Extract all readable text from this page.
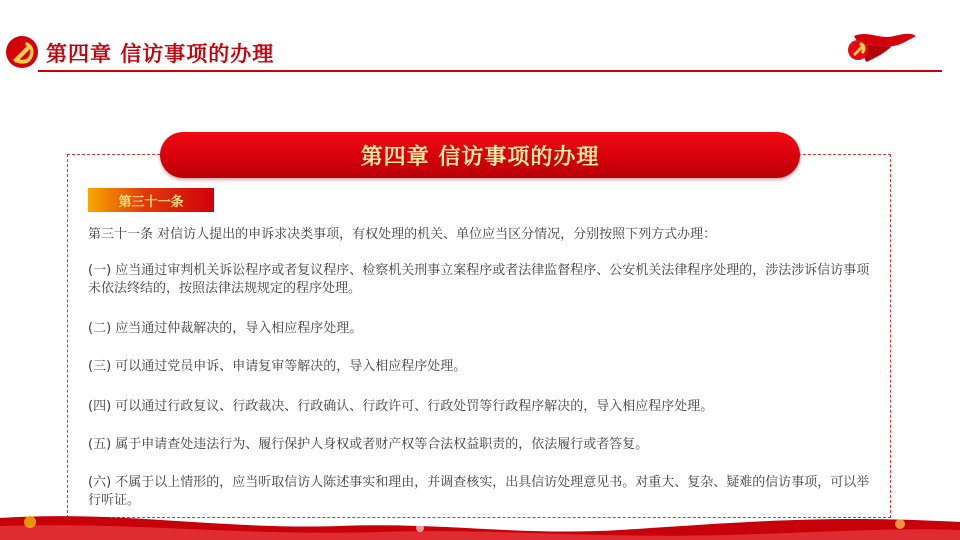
第四章 信访事项的办理
第四章 信访事项的办理
第三十一条

第三十一条 对信访人提出的申诉求决类事项，有权处理的机关、单位应当区分情况，分别按照下列方式办理：

(一) 应当通过审判机关诉讼程序或者复议程序、检察机关刑事立案程序或者法律监督程序、公安机关法律程序处理的，涉法涉诉信访事项未依法终结的，按照法律法规规定的程序处理。

(二) 应当通过仲裁解决的，导入相应程序处理。

(三) 可以通过党员申诉、申请复审等解决的，导入相应程序处理。

(四) 可以通过行政复议、行政裁决、行政确认、行政许可、行政处罚等行政程序解决的，导入相应程序处理。

(五) 属于申请查处违法行为、履行保护人身权或者财产权等合法权益职责的，依法履行或者答复。

(六) 不属于以上情形的，应当听取信访人陈述事实和理由，并调查核实，出具信访处理意见书。对重大、复杂、疑难的信访事项，可以举行听证。
